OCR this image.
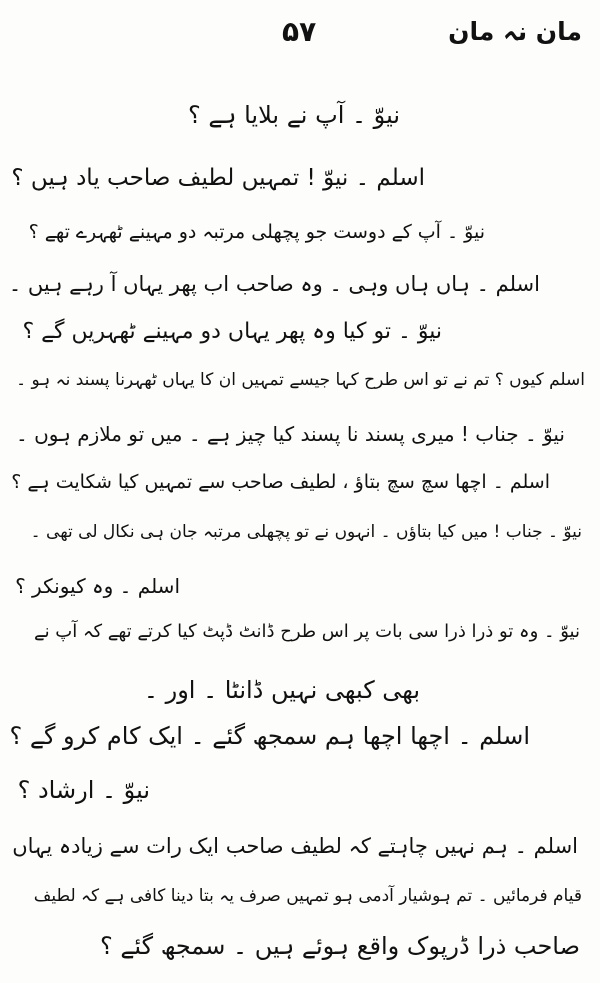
مان نہ مان
۵۷
نیوّ ۔ آپ نے بلایا ہے ؟
اسلم ۔ نیوّ ! تمہیں لطیف صاحب یاد ہیں ؟
نیوّ ۔ آپ کے دوست جو پچھلی مرتبہ دو مہینے ٹھہرے تھے ؟
اسلم ۔ ہاں ہاں وہی ۔ وہ صاحب اب پھر یہاں آ رہے ہیں ۔
نیوّ ۔ تو کیا وہ پھر یہاں دو مہینے ٹھہریں گے ؟
اسلم کیوں ؟ تم نے تو اس طرح کہا جیسے تمہیں ان کا یہاں ٹھہرنا پسند نہ ہو ۔
نیوّ ۔ جناب ! میری پسند نا پسند کیا چیز ہے ۔ میں تو ملازم ہوں ۔
اسلم ۔ اچھا سچ سچ بتاؤ ، لطیف صاحب سے تمہیں کیا شکایت ہے ؟
نیوّ ۔ جناب ! میں کیا بتاؤں ۔ انہوں نے تو پچھلی مرتبہ جان ہی نکال لی تھی ۔
اسلم ۔ وہ کیونکر ؟
نیوّ ۔ وہ تو ذرا ذرا سی بات پر اس طرح ڈانٹ ڈپٹ کیا کرتے تھے کہ آپ نے
بھی کبھی نہیں ڈانٹا ۔ اور ۔
اسلم ۔ اچھا اچھا ہم سمجھ گئے ۔ ایک کام کرو گے ؟
نیوّ ۔ ارشاد ؟
اسلم ۔ ہم نہیں چاہتے کہ لطیف صاحب ایک رات سے زیادہ یہاں
قیام فرمائیں ۔ تم ہوشیار آدمی ہو تمہیں صرف یہ بتا دینا کافی ہے کہ لطیف
صاحب ذرا ڈرپوک واقع ہوئے ہیں ۔ سمجھ گئے ؟
